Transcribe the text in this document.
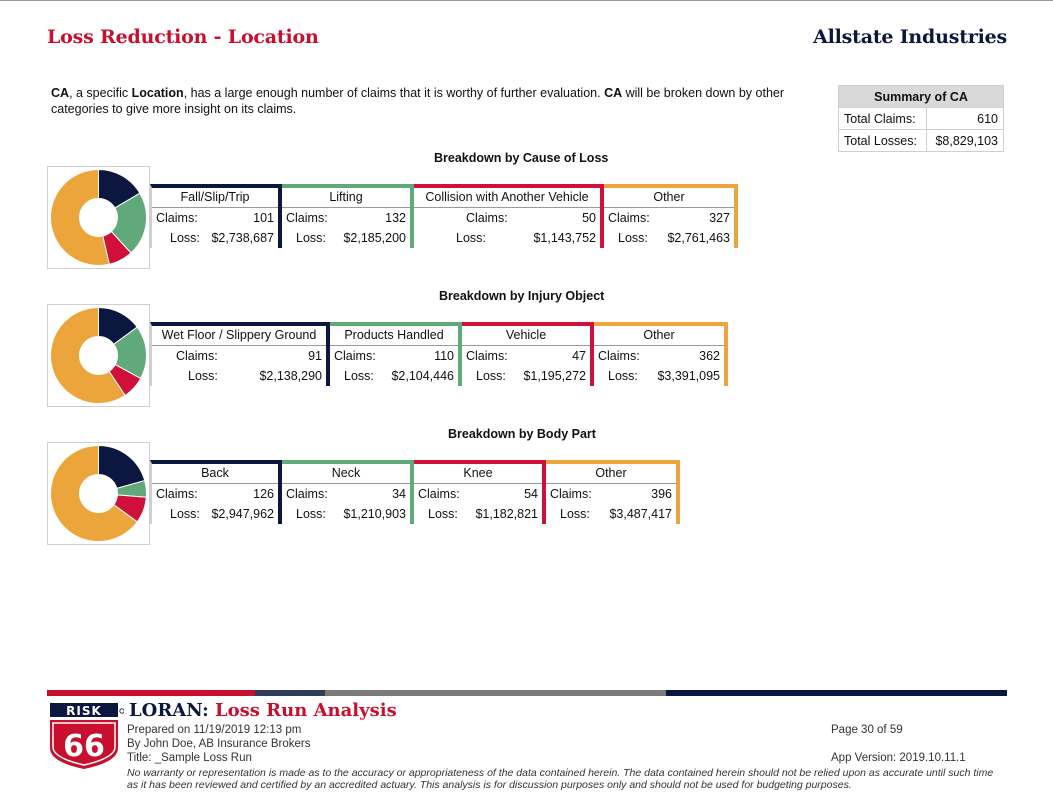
Loss Reduction - Location	Allstate Industries
CA, a specific Location, has a large enough number of claims that it is worthy of further evaluation. CA will be broken down by other categories to give more insight on its claims.
Summary of CA	
Total Claims:	610
Total Losses:	$8,829,103
Breakdown by Cause of Loss
Fall/Slip/Trip
Claims:	101
Loss: $2,738,687
Lifting
Claims:	132
Loss: $2,185,200
Collision with Another Vehicle
Claims:	50
Loss:	$1,143,752
Other
Claims:	327
Loss: $2,761,463
Breakdown by Injury Object
Wet Floor / Slippery Ground
Claims:	91
Loss:	$2,138,290
Products Handled
Claims:	110
Loss: $2,104,446
Vehicle
Claims:	47
Loss: $1,195,272
Other
Claims:	362
Loss: $3,391,095
Breakdown by Body Part
Back
Claims:	126
Loss: $2,947,962
Neck
Claims:	34
Loss: $1,210,903
Knee
Claims:	54
Loss: $1,182,821
Other
Claims:	396
Loss: $3,487,417
RISK
66
LORAN: Loss Run Analysis
Prepared on 11/19/2019 12:13 pm
By John Doe, AB Insurance Brokers
Title: _Sample Loss Run
Page 30 of 59
App Version: 2019.10.11.1
No warranty or representation is made as to the accuracy or appropriateness of the data contained herein. The data contained herein should not be relied upon as accurate until such time as it has been reviewed and certified by an accredited actuary. This analysis is for discussion purposes only and should not be used for budgeting purposes.
